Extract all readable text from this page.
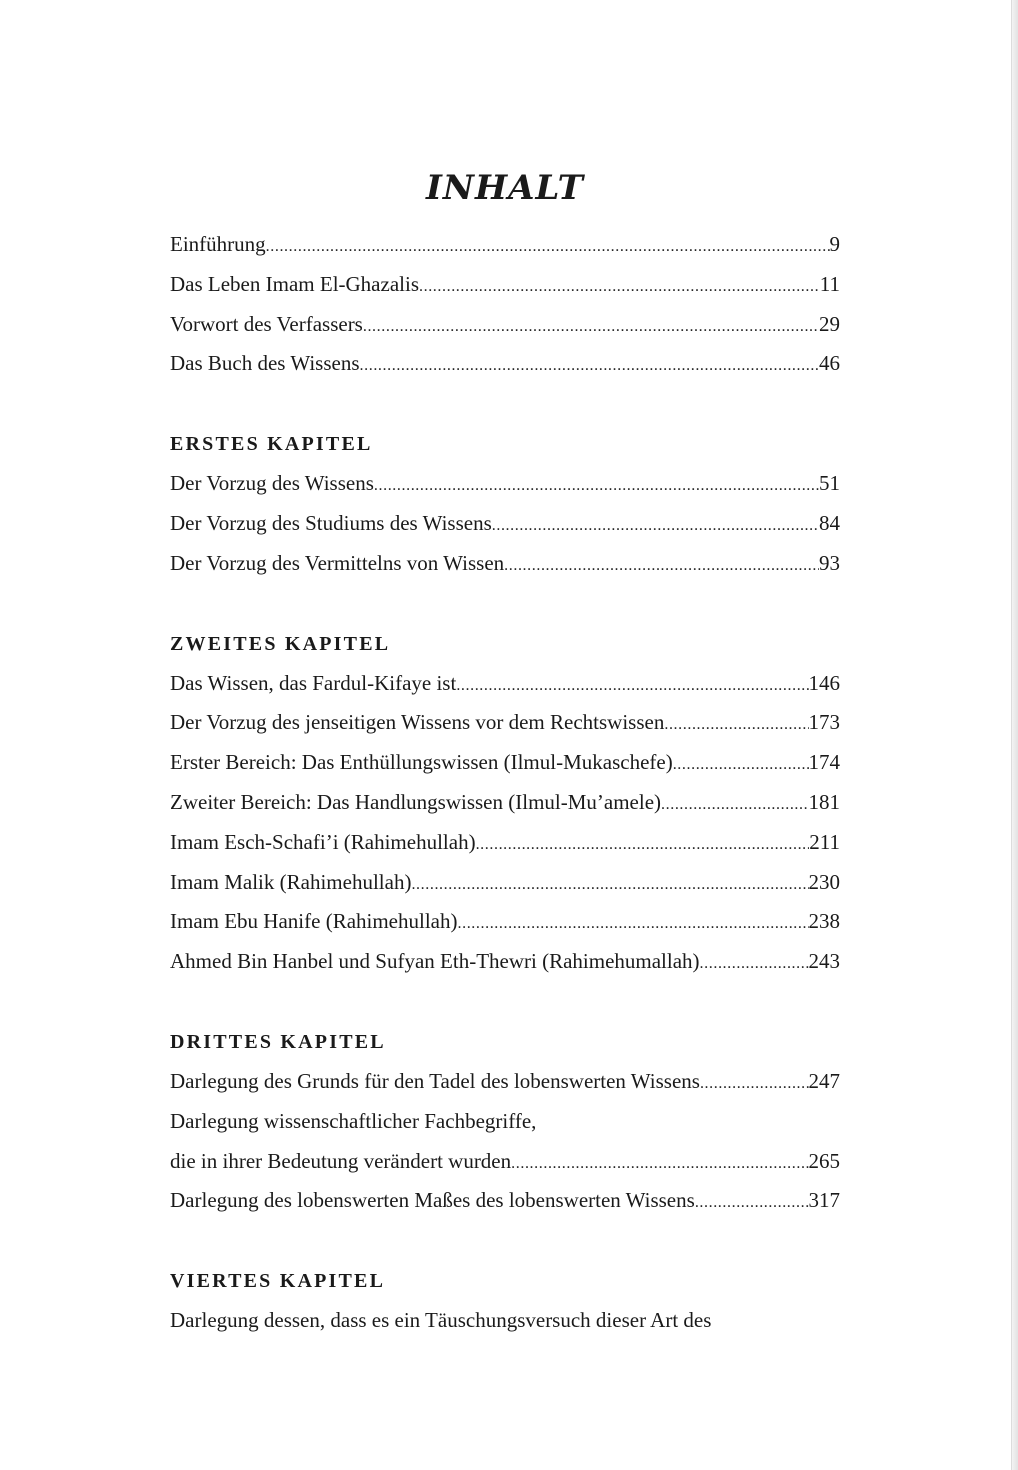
INHALT
Einführung .....	9
Das Leben Imam El-Ghazalis .....	11
Vorwort des Verfassers .....	29
Das Buch des Wissens .....	46
ERSTES KAPITEL
Der Vorzug des Wissens .....	51
Der Vorzug des Studiums des Wissens .....	84
Der Vorzug des Vermittelns von Wissen .....	93
ZWEITES KAPITEL
Das Wissen, das Fardul-Kifaye ist .....	146
Der Vorzug des jenseitigen Wissens vor dem Rechtswissen .....	173
Erster Bereich: Das Enthüllungswissen (Ilmul-Mukaschefe) .....	174
Zweiter Bereich: Das Handlungswissen (Ilmul-Mu’amele) .....	181
Imam Esch-Schafi’i (Rahimehullah) .....	211
Imam Malik (Rahimehullah) .....	230
Imam Ebu Hanife (Rahimehullah) .....	238
Ahmed Bin Hanbel und Sufyan Eth-Thewri (Rahimehumallah) .....	243
DRITTES KAPITEL
Darlegung des Grunds für den Tadel des lobenswerten Wissens .....	247
Darlegung wissenschaftlicher Fachbegriffe,
die in ihrer Bedeutung verändert wurden .....	265
Darlegung des lobenswerten Maßes des lobenswerten Wissens .....	317
VIERTES KAPITEL
Darlegung dessen, dass es ein Täuschungsversuch dieser Art des
